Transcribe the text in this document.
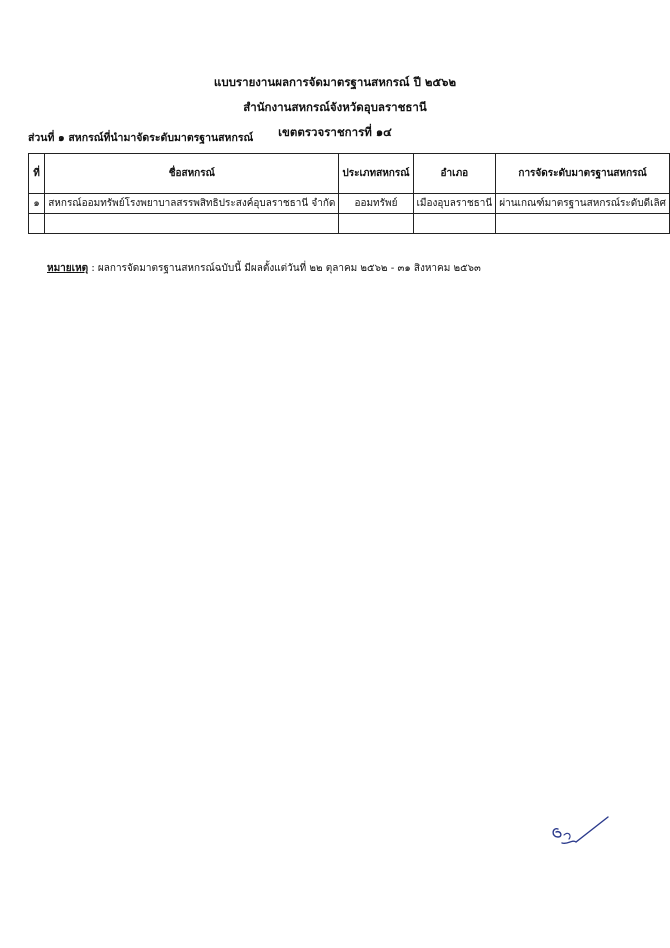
แบบรายงานผลการจัดมาตรฐานสหกรณ์ ปี ๒๕๖๒
สำนักงานสหกรณ์จังหวัดอุบลราชธานี
เขตตรวจราชการที่ ๑๔
ส่วนที่ ๑ สหกรณ์ที่นำมาจัดระดับมาตรฐานสหกรณ์
ที่	ชื่อสหกรณ์	ประเภทสหกรณ์	อำเภอ	การจัดระดับมาตรฐานสหกรณ์
๑	สหกรณ์ออมทรัพย์โรงพยาบาลสรรพสิทธิประสงค์อุบลราชธานี จำกัด	ออมทรัพย์	เมืองอุบลราชธานี	ผ่านเกณฑ์มาตรฐานสหกรณ์ระดับดีเลิศ

หมายเหตุ : ผลการจัดมาตรฐานสหกรณ์ฉบับนี้ มีผลตั้งแต่วันที่ ๒๒ ตุลาคม ๒๕๖๒ - ๓๑ สิงหาคม ๒๕๖๓
